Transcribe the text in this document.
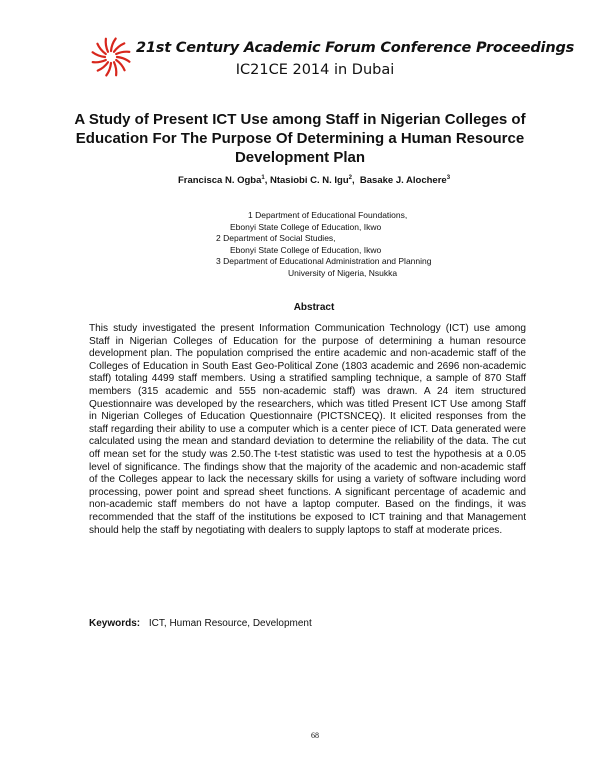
21st Century Academic Forum Conference Proceedings
IC21CE 2014 in Dubai
A Study of Present ICT Use among Staff in Nigerian Colleges of Education For The Purpose Of Determining a Human Resource Development Plan
Francisca N. Ogba$^1$, Ntasiobi C. N. Igu$^2$,  Basake J. Alochere$^3$
1 Department of Educational Foundations,
Ebonyi State College of Education, Ikwo
2 Department of Social Studies,
Ebonyi State College of Education, Ikwo
3 Department of Educational Administration and Planning
University of Nigeria, Nsukka
Abstract
This study investigated the present Information Communication Technology (ICT) use among Staff in Nigerian Colleges of Education for the purpose of determining a human resource development plan. The population comprised the entire academic and non-academic staff of the Colleges of Education in South East Geo-Political Zone (1803 academic and 2696 non-academic staff) totaling 4499 staff members. Using a stratified sampling technique, a sample of 870 Staff members (315 academic and 555 non-academic staff) was drawn. A 24 item structured Questionnaire was developed by the researchers, which was titled Present ICT Use among Staff in Nigerian Colleges of Education Questionnaire (PICTSNCEQ). It elicited responses from the staff regarding their ability to use a computer which is a center piece of ICT. Data generated were calculated using the mean and standard deviation to determine the reliability of the data. The cut off mean set for the study was 2.50.The t-test statistic was used to test the hypothesis at a 0.05 level of significance. The findings show that the majority of the academic and non-academic staff of the Colleges appear to lack the necessary skills for using a variety of software including word processing, power point and spread sheet functions. A significant percentage of academic and non-academic staff members do not have a laptop computer. Based on the findings, it was recommended that the staff of the institutions be exposed to ICT training and that Management should help the staff by negotiating with dealers to supply laptops to staff at moderate prices.
Keywords: ICT, Human Resource, Development
68
